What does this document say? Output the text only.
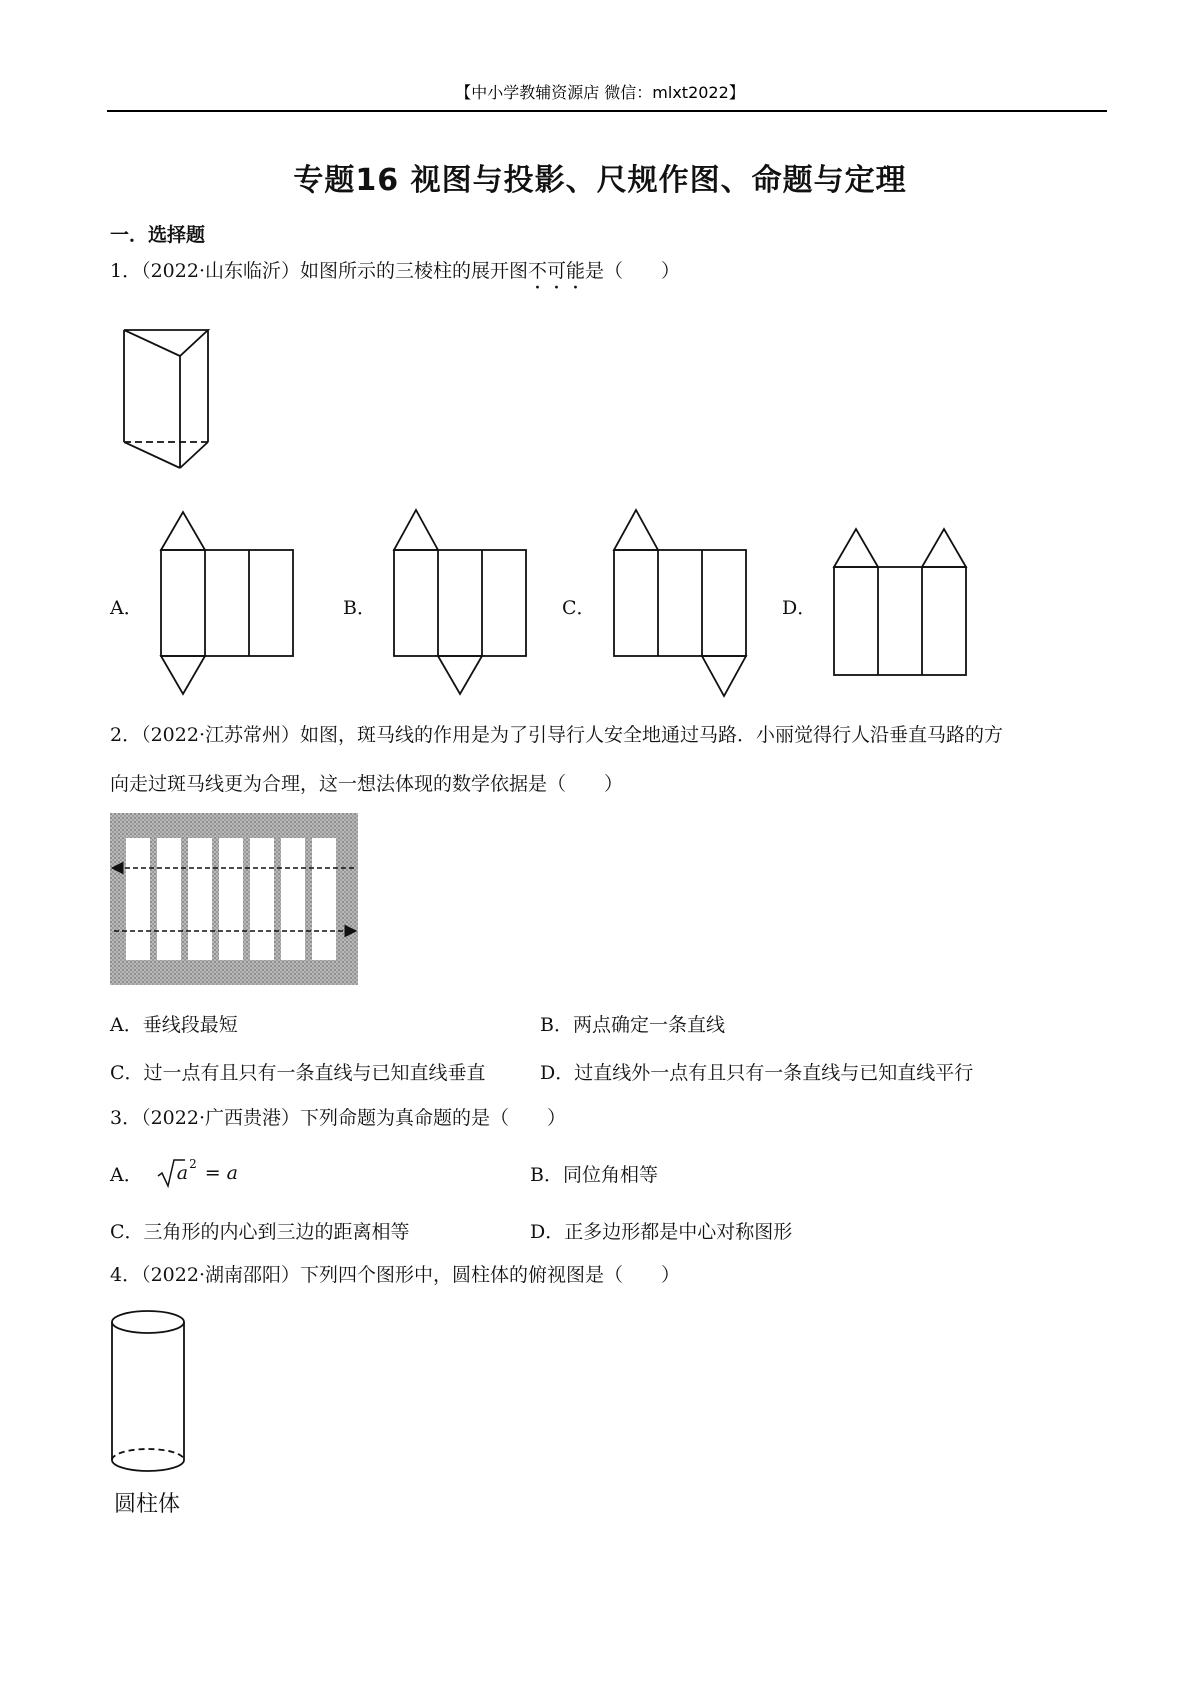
【中小学教辅资源店 微信：mlxt2022】
专题16 视图与投影、尺规作图、命题与定理
一．选择题
1．（2022·山东临沂）如图所示的三棱柱的展开图不可能是（　　）
A．	B．	C．	D．
2．（2022·江苏常州）如图，斑马线的作用是为了引导行人安全地通过马路．小丽觉得行人沿垂直马路的方
向走过斑马线更为合理，这一想法体现的数学依据是（　　）
A．垂线段最短	B．两点确定一条直线
C．过一点有且只有一条直线与已知直线垂直	D．过直线外一点有且只有一条直线与已知直线平行
3．（2022·广西贵港）下列命题为真命题的是（　　）
A． a 2 = a	B．同位角相等
C．三角形的内心到三边的距离相等	D．正多边形都是中心对称图形
4．（2022·湖南邵阳）下列四个图形中，圆柱体的俯视图是（　　）
圆柱体
